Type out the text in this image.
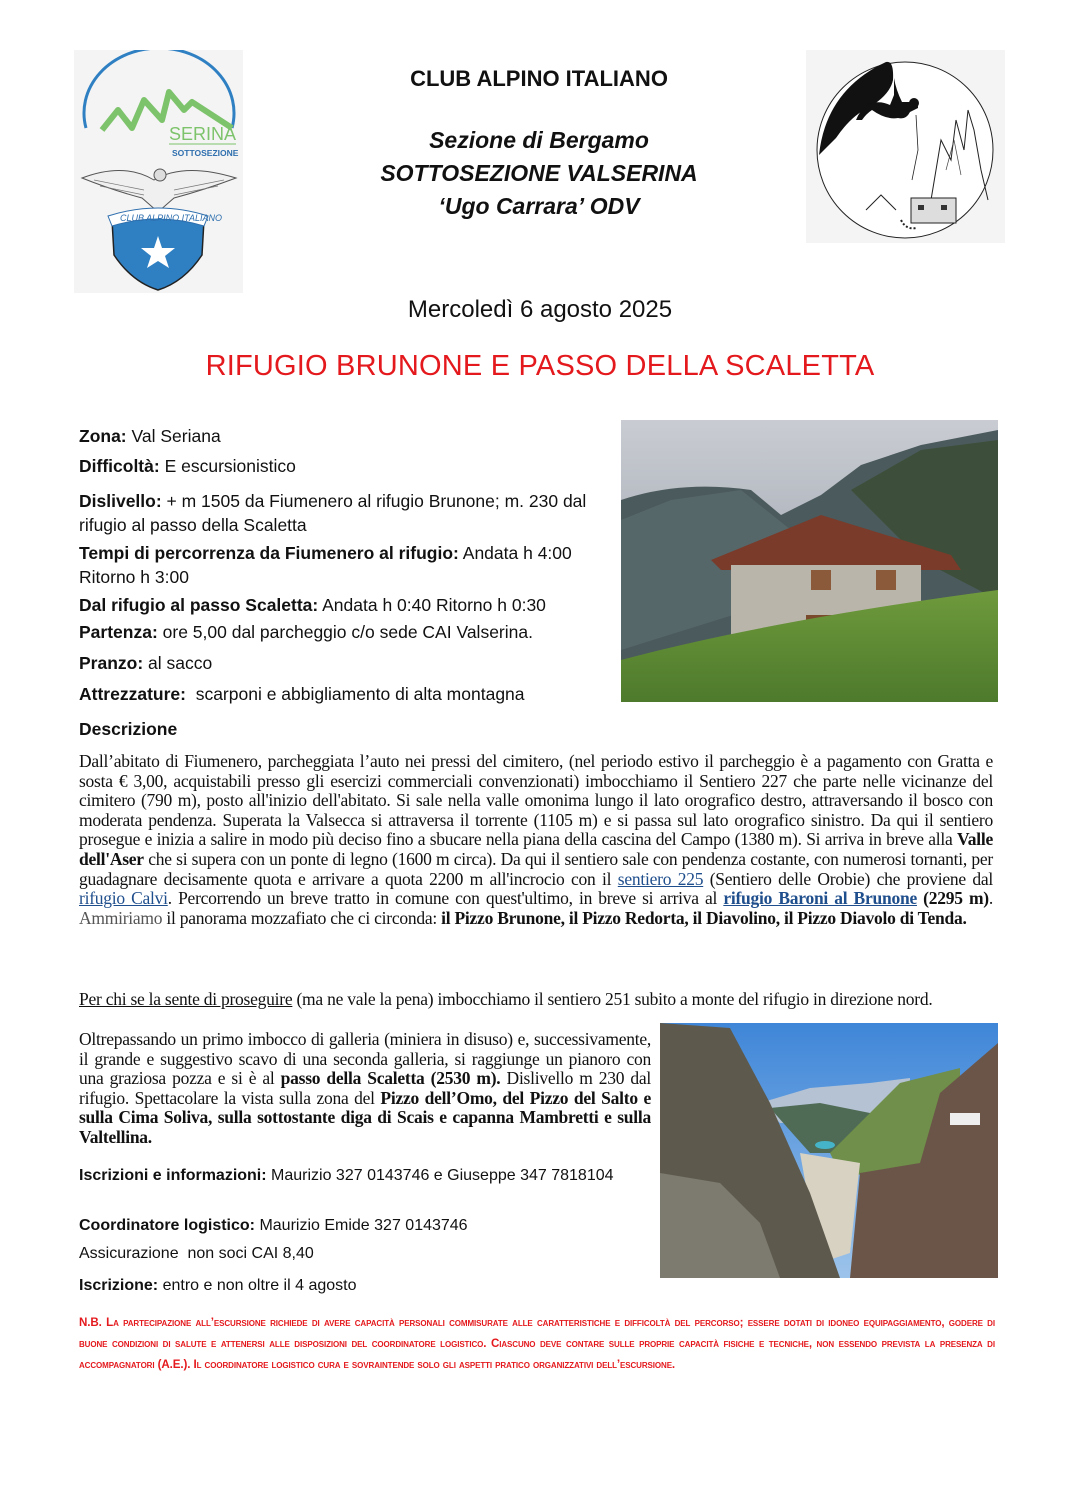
SERINA
SOTTOSEZIONE
CLUB ALPINO ITALIANO
CLUB ALPINO ITALIANO
Sezione di Bergamo
SOTTOSEZIONE VALSERINA
‘Ugo Carrara’ ODV
Mercoledì 6 agosto 2025
RIFUGIO BRUNONE E PASSO DELLA SCALETTA
Zona: Val Seriana
Difficoltà: E escursionistico
Dislivello: + m 1505 da Fiumenero al rifugio Brunone; m. 230 dal rifugio al passo della Scaletta
Tempi di percorrenza da Fiumenero al rifugio: Andata h 4:00 Ritorno h 3:00
Dal rifugio al passo Scaletta: Andata h 0:40 Ritorno h 0:30
Partenza: ore 5,00 dal parcheggio c/o sede CAI Valserina.
Pranzo: al sacco
Attrezzature:  scarponi e abbigliamento di alta montagna
Descrizione
Dall’abitato di Fiumenero, parcheggiata l’auto nei pressi del cimitero, (nel periodo estivo il parcheggio è a pagamento con Gratta e sosta € 3,00, acquistabili presso gli esercizi commerciali convenzionati) imbocchiamo il Sentiero 227 che parte nelle vicinanze del cimitero (790 m), posto all'inizio dell'abitato. Si sale nella valle omonima lungo il lato orografico destro, attraversando il bosco con moderata pendenza. Superata la Valsecca si attraversa il torrente (1105 m) e si passa sul lato orografico sinistro. Da qui il sentiero prosegue e inizia a salire in modo più deciso fino a sbucare nella piana della cascina del Campo (1380 m). Si arriva in breve alla Valle dell'Aser che si supera con un ponte di legno (1600 m circa). Da qui il sentiero sale con pendenza costante, con numerosi tornanti, per guadagnare decisamente quota e arrivare a quota 2200 m all'incrocio con il sentiero 225 (Sentiero delle Orobie) che proviene dal rifugio Calvi. Percorrendo un breve tratto in comune con quest'ultimo, in breve si arriva al rifugio Baroni al Brunone (2295 m). Ammiriamo il panorama mozzafiato che ci circonda: il Pizzo Brunone, il Pizzo Redorta, il Diavolino, il Pizzo Diavolo di Tenda.
Per chi se la sente di proseguire (ma ne vale la pena) imbocchiamo il sentiero 251 subito a monte del rifugio in direzione nord.
Oltrepassando un primo imbocco di galleria (miniera in disuso) e, successivamente, il grande e suggestivo scavo di una seconda galleria, si raggiunge un pianoro con una graziosa pozza e si è al passo della Scaletta (2530 m). Dislivello m 230 dal rifugio. Spettacolare la vista sulla zona del Pizzo dell’Omo, del Pizzo del Salto e sulla Cima Soliva, sulla sottostante diga di Scais e capanna Mambretti e sulla Valtellina.
Iscrizioni e informazioni: Maurizio 327 0143746 e Giuseppe 347 7818104
Coordinatore logistico: Maurizio Emide 327 0143746
Assicurazione  non soci CAI 8,40
Iscrizione: entro e non oltre il 4 agosto
N.B. La partecipazione all’escursione richiede di avere capacità personali commisurate alle caratteristiche e difficoltà del percorso; essere dotati di idoneo equipaggiamento, godere di buone condizioni di salute e attenersi alle disposizioni del coordinatore logistico. Ciascuno deve contare sulle proprie capacità fisiche e tecniche, non essendo prevista la presenza di accompagnatori (A.E.). Il coordinatore logistico cura e sovraintende solo gli aspetti pratico organizzativi dell’escursione.
